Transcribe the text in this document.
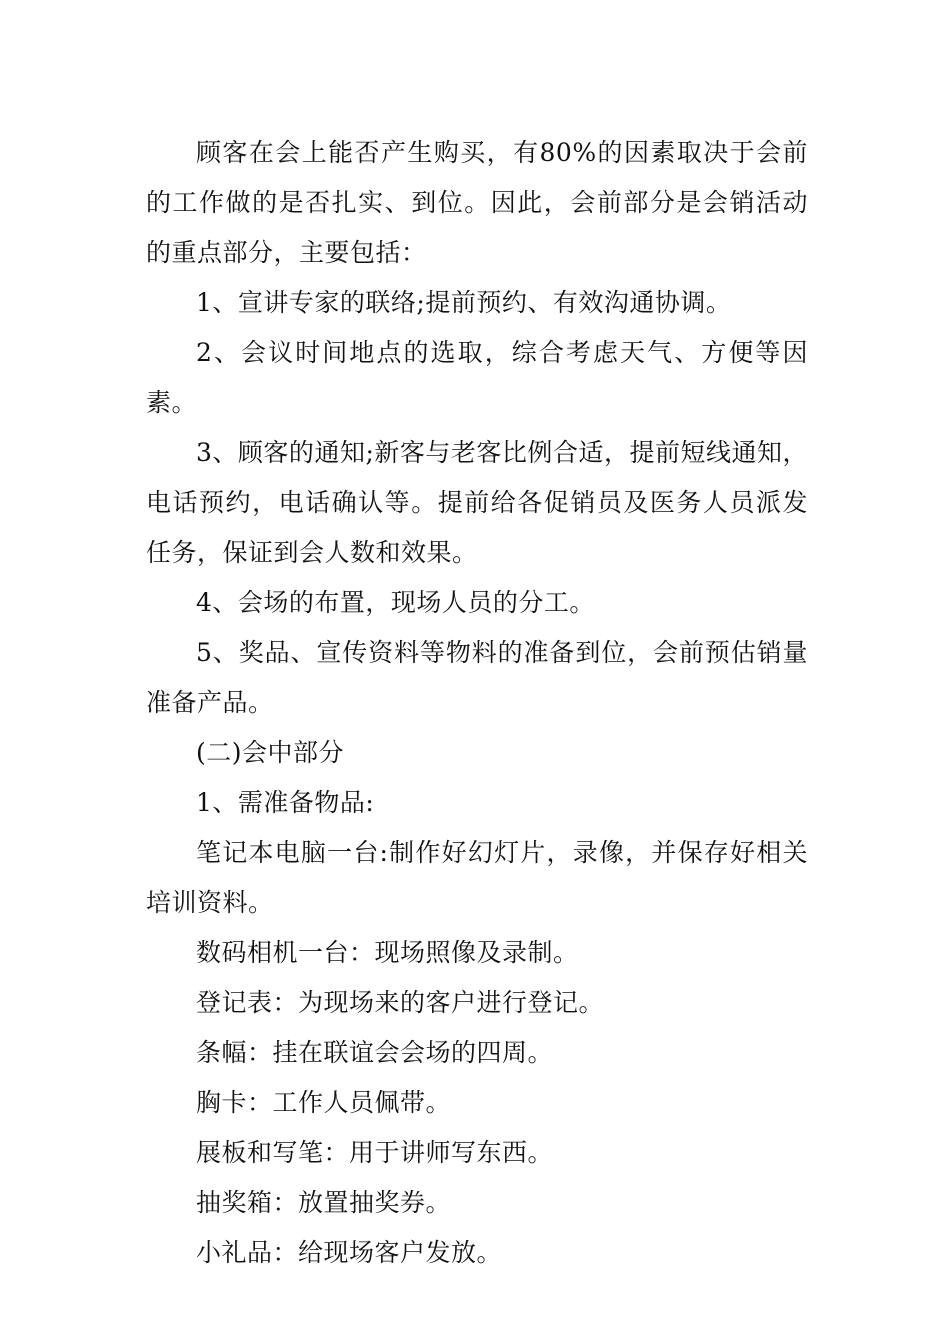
顾客在会上能否产生购买，有80%的因素取决于会前的工作做的是否扎实、到位。因此，会前部分是会销活动的重点部分，主要包括：

1、宣讲专家的联络;提前预约、有效沟通协调。

2、会议时间地点的选取，综合考虑天气、方便等因素。

3、顾客的通知;新客与老客比例合适，提前短线通知，电话预约，电话确认等。提前给各促销员及医务人员派发任务，保证到会人数和效果。

4、会场的布置，现场人员的分工。

5、奖品、宣传资料等物料的准备到位，会前预估销量准备产品。

(二)会中部分

1、需准备物品:

笔记本电脑一台:制作好幻灯片，录像，并保存好相关培训资料。

数码相机一台：现场照像及录制。

登记表：为现场来的客户进行登记。

条幅：挂在联谊会会场的四周。

胸卡：工作人员佩带。

展板和写笔：用于讲师写东西。

抽奖箱：放置抽奖券。

小礼品：给现场客户发放。
